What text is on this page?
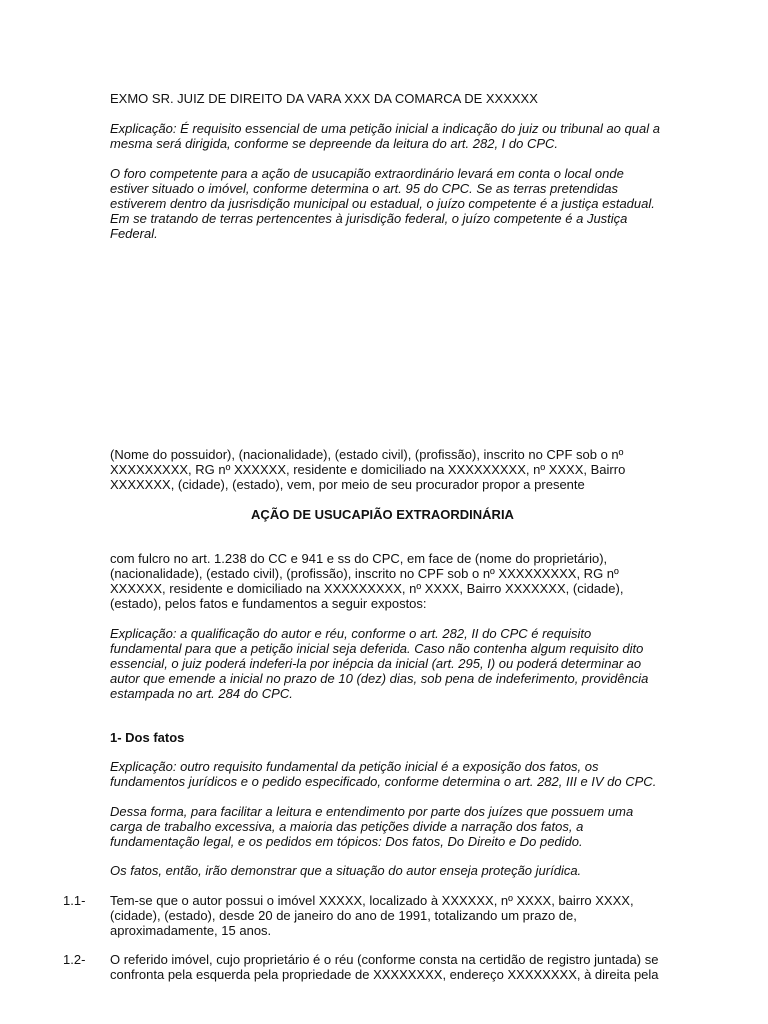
EXMO SR. JUIZ DE DIREITO DA VARA XXX DA COMARCA DE XXXXXX

Explicação: É requisito essencial de uma petição inicial a indicação do juiz ou tribunal ao qual a mesma será dirigida, conforme se depreende da leitura do art. 282, I do CPC.

O foro competente para a ação de usucapião extraordinário levará em conta o local onde estiver situado o imóvel, conforme determina o art. 95 do CPC. Se as terras pretendidas estiverem dentro da jusrisdição municipal ou estadual, o juízo competente é a justiça estadual. Em se tratando de terras pertencentes à jurisdição federal, o juízo competente é a Justiça Federal.

(Nome do possuidor), (nacionalidade), (estado civil), (profissão), inscrito no CPF sob o nº XXXXXXXXX, RG nº XXXXXX, residente e domiciliado na XXXXXXXXX, nº XXXX, Bairro XXXXXXX, (cidade), (estado), vem, por meio de seu procurador propor a presente

AÇÃO DE USUCAPIÃO EXTRAORDINÁRIA

com fulcro no art. 1.238 do CC e 941 e ss do CPC, em face de (nome do proprietário), (nacionalidade), (estado civil), (profissão), inscrito no CPF sob o nº XXXXXXXXX, RG nº XXXXXX, residente e domiciliado na XXXXXXXXX, nº XXXX, Bairro XXXXXXX, (cidade), (estado), pelos fatos e fundamentos a seguir expostos:

Explicação: a qualificação do autor e réu, conforme o art. 282, II do CPC é requisito fundamental para que a petição inicial seja deferida. Caso não contenha algum requisito dito essencial, o juiz poderá indeferi-la por inépcia da inicial (art. 295, I) ou poderá determinar ao autor que emende a inicial no prazo de 10 (dez) dias, sob pena de indeferimento, providência estampada no art. 284 do CPC.

1- Dos fatos

Explicação: outro requisito fundamental da petição inicial é a exposição dos fatos, os fundamentos jurídicos e o pedido especificado, conforme determina o art. 282, III e IV do CPC.

Dessa forma, para facilitar a leitura e entendimento por parte dos juízes que possuem uma carga de trabalho excessiva, a maioria das petições divide a narração dos fatos, a fundamentação legal, e os pedidos em tópicos: Dos fatos, Do Direito e Do pedido.

Os fatos, então, irão demonstrar que a situação do autor enseja proteção jurídica.

1.1- Tem-se que o autor possui o imóvel XXXXX, localizado à XXXXXX, nº XXXX, bairro XXXX, (cidade), (estado), desde 20 de janeiro do ano de 1991, totalizando um prazo de, aproximadamente, 15 anos.

1.2- O referido imóvel, cujo proprietário é o réu (conforme consta na certidão de registro juntada) se confronta pela esquerda pela propriedade de XXXXXXXX, endereço XXXXXXXX, à direita pela
